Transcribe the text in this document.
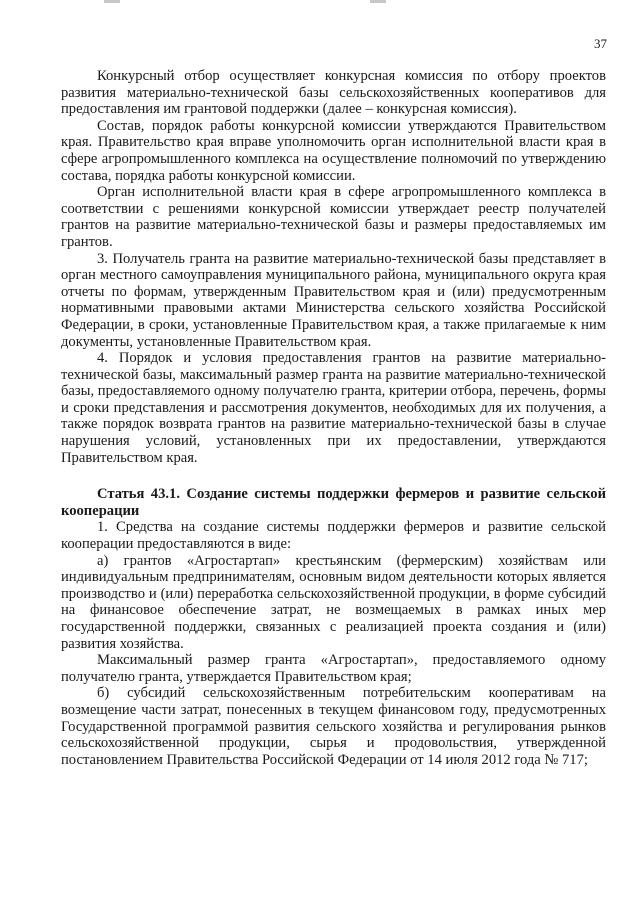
37

Конкурсный отбор осуществляет конкурсная комиссия по отбору проектов развития материально-технической базы сельскохозяйственных кооперативов для предоставления им грантовой поддержки (далее – конкурсная комиссия).

Состав, порядок работы конкурсной комиссии утверждаются Правительством края. Правительство края вправе уполномочить орган исполнительной власти края в сфере агропромышленного комплекса на осуществление полномочий по утверждению состава, порядка работы конкурсной комиссии.

Орган исполнительной власти края в сфере агропромышленного комплекса в соответствии с решениями конкурсной комиссии утверждает реестр получателей грантов на развитие материально-технической базы и размеры предоставляемых им грантов.

3. Получатель гранта на развитие материально-технической базы представляет в орган местного самоуправления муниципального района, муниципального округа края отчеты по формам, утвержденным Правительством края и (или) предусмотренным нормативными правовыми актами Министерства сельского хозяйства Российской Федерации, в сроки, установленные Правительством края, а также прилагаемые к ним документы, установленные Правительством края.

4. Порядок и условия предоставления грантов на развитие материально-технической базы, максимальный размер гранта на развитие материально-технической базы, предоставляемого одному получателю гранта, критерии отбора, перечень, формы и сроки представления и рассмотрения документов, необходимых для их получения, а также порядок возврата грантов на развитие материально-технической базы в случае нарушения условий, установленных при их предоставлении, утверждаются Правительством края.

Статья 43.1. Создание системы поддержки фермеров и развитие сельской кооперации

1. Средства на создание системы поддержки фермеров и развитие сельской кооперации предоставляются в виде:

а) грантов «Агростартап» крестьянским (фермерским) хозяйствам или индивидуальным предпринимателям, основным видом деятельности которых является производство и (или) переработка сельскохозяйственной продукции, в форме субсидий на финансовое обеспечение затрат, не возмещаемых в рамках иных мер государственной поддержки, связанных с реализацией проекта создания и (или) развития хозяйства.

Максимальный размер гранта «Агростартап», предоставляемого одному получателю гранта, утверждается Правительством края;

б) субсидий сельскохозяйственным потребительским кооперативам на возмещение части затрат, понесенных в текущем финансовом году, предусмотренных Государственной программой развития сельского хозяйства и регулирования рынков сельскохозяйственной продукции, сырья и продовольствия, утвержденной постановлением Правительства Российской Федерации от 14 июля 2012 года № 717;
